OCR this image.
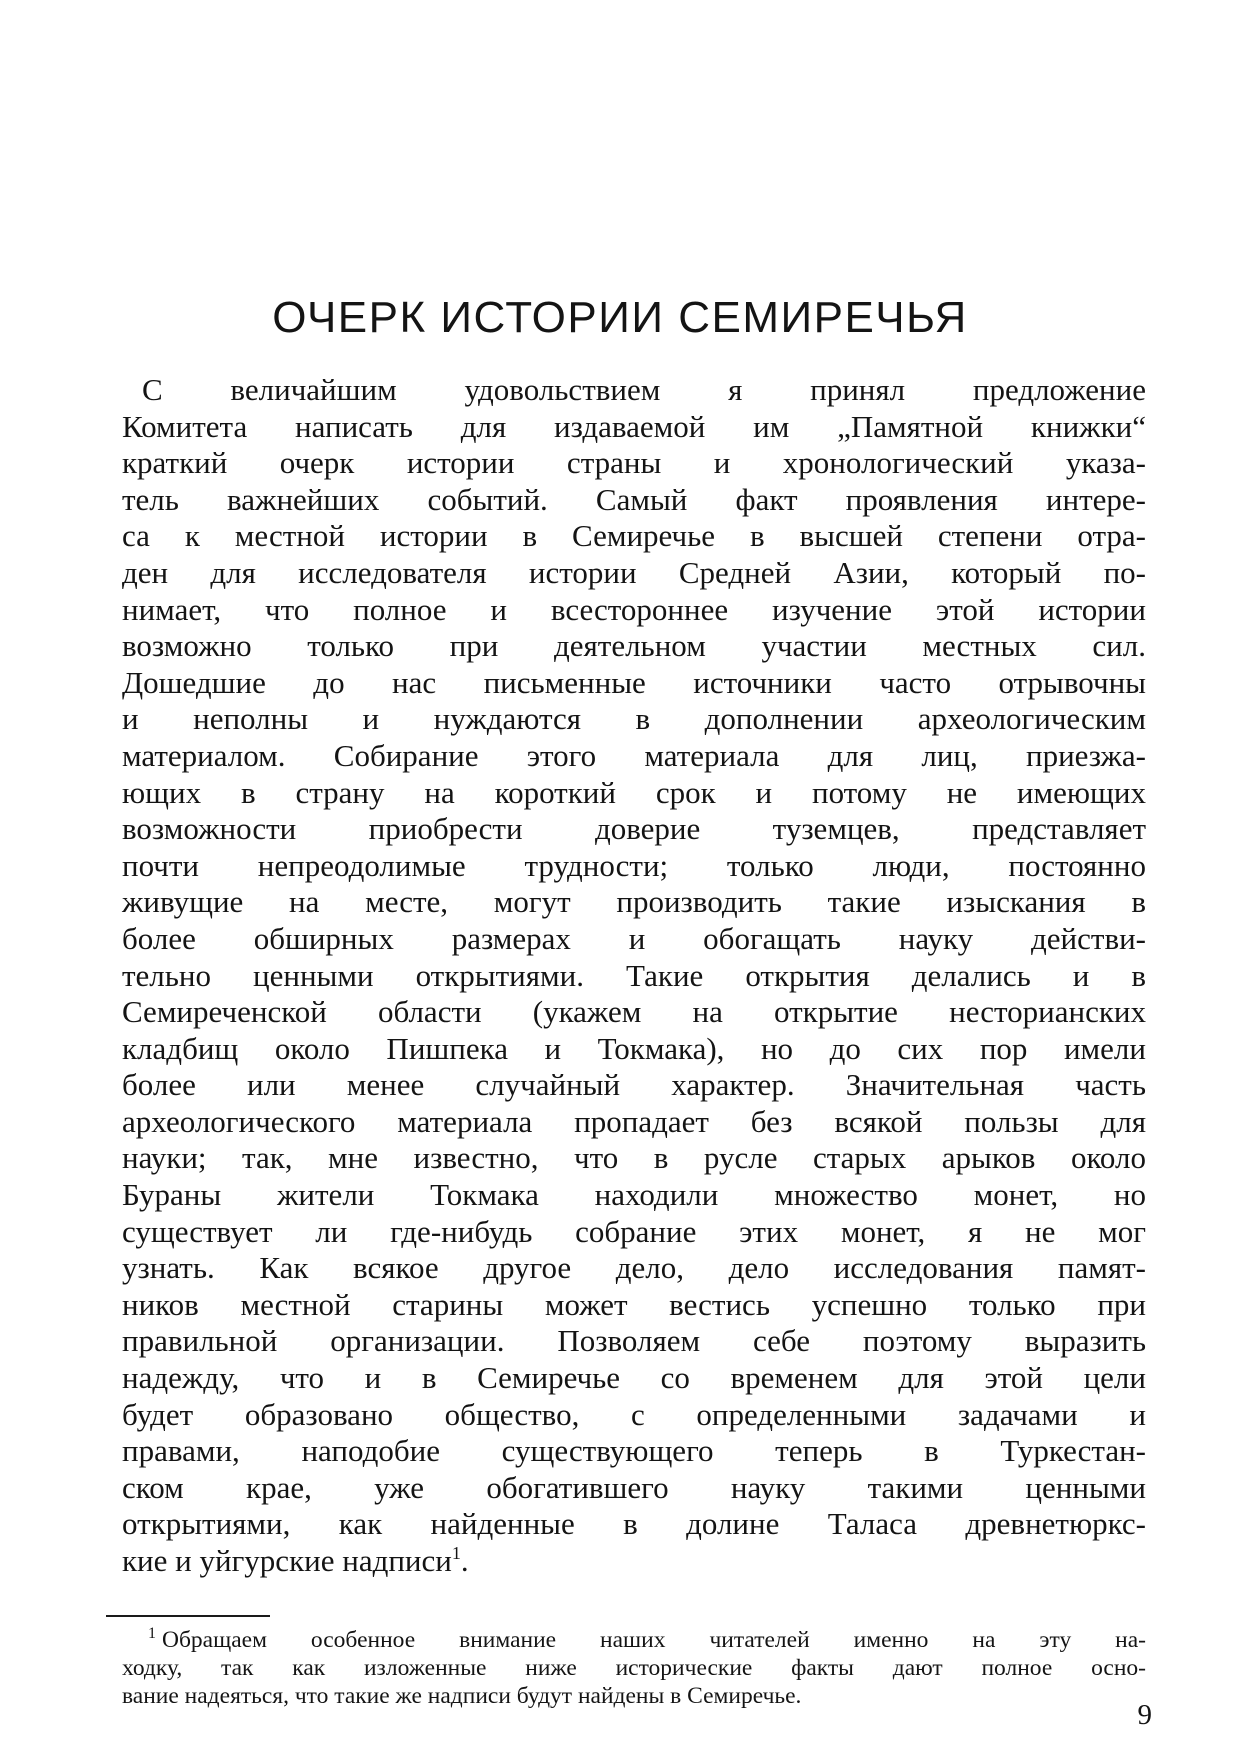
ОЧЕРК ИСТОРИИ СЕМИРЕЧЬЯ
С величайшим удовольствием я принял предложение
Комитета написать для издаваемой им „Памятной книжки“
краткий очерк истории страны и хронологический указа-
тель важнейших событий. Самый факт проявления интере-
са к местной истории в Семиречье в высшей степени отра-
ден для исследователя истории Средней Азии, который по-
нимает, что полное и всестороннее изучение этой истории
возможно только при деятельном участии местных сил.
Дошедшие до нас письменные источники часто отрывочны
и неполны и нуждаются в дополнении археологическим
материалом. Собирание этого материала для лиц, приезжа-
ющих в страну на короткий срок и потому не имеющих
возможности приобрести доверие туземцев, представляет
почти непреодолимые трудности; только люди, постоянно
живущие на месте, могут производить такие изыскания в
более обширных размерах и обогащать науку действи-
тельно ценными открытиями. Такие открытия делались и в
Семиреченской области (укажем на открытие несторианских
кладбищ около Пишпека и Токмака), но до сих пор имели
более или менее случайный характер. Значительная часть
археологического материала пропадает без всякой пользы для
науки; так, мне известно, что в русле старых арыков около
Бураны жители Токмака находили множество монет, но
существует ли где-нибудь собрание этих монет, я не мог
узнать. Как всякое другое дело, дело исследования памят-
ников местной старины может вестись успешно только при
правильной организации. Позволяем себе поэтому выразить
надежду, что и в Семиречье со временем для этой цели
будет образовано общество, с определенными задачами и
правами, наподобие существующего теперь в Туркестан-
ском крае, уже обогатившего науку такими ценными
открытиями, как найденные в долине Таласа древнетюркс-
кие и уйгурские надписи$^1$.
$^1$ Обращаем особенное внимание наших читателей именно на эту на-
ходку, так как изложенные ниже исторические факты дают полное осно-
вание надеяться, что такие же надписи будут найдены в Семиречье.
9
